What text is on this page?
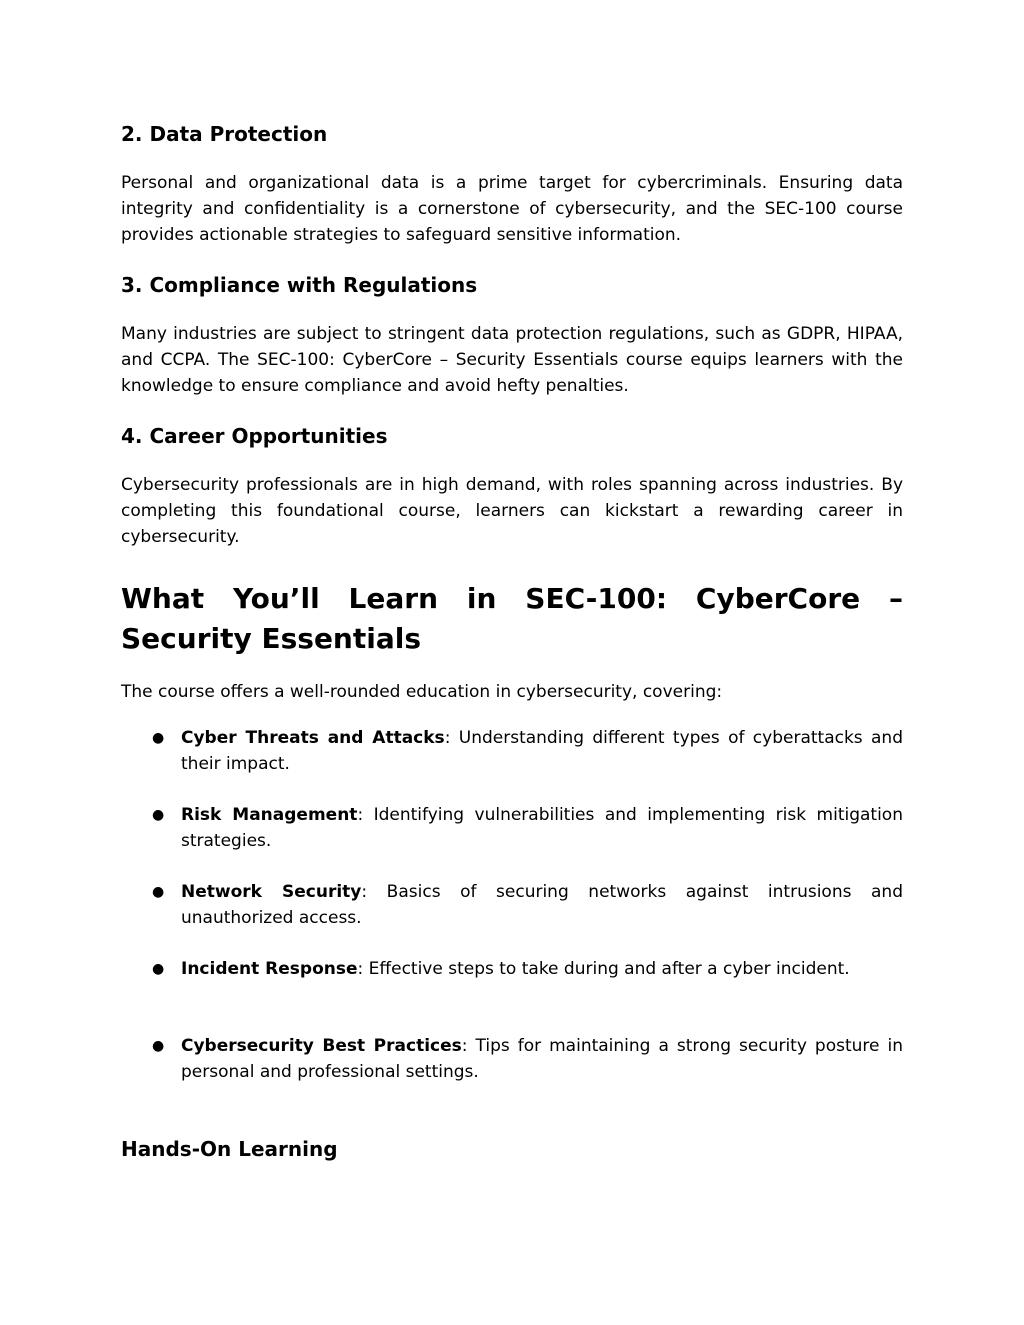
2. Data Protection

Personal and organizational data is a prime target for cybercriminals. Ensuring data integrity and confidentiality is a cornerstone of cybersecurity, and the SEC-100 course provides actionable strategies to safeguard sensitive information.

3. Compliance with Regulations

Many industries are subject to stringent data protection regulations, such as GDPR, HIPAA, and CCPA. The SEC-100: CyberCore – Security Essentials course equips learners with the knowledge to ensure compliance and avoid hefty penalties.

4. Career Opportunities

Cybersecurity professionals are in high demand, with roles spanning across industries. By completing this foundational course, learners can kickstart a rewarding career in cybersecurity.

What You’ll Learn in SEC-100: CyberCore – Security Essentials

The course offers a well-rounded education in cybersecurity, covering:

● Cyber Threats and Attacks: Understanding different types of cyberattacks and their impact.
● Risk Management: Identifying vulnerabilities and implementing risk mitigation strategies.
● Network Security: Basics of securing networks against intrusions and unauthorized access.
● Incident Response: Effective steps to take during and after a cyber incident.
● Cybersecurity Best Practices: Tips for maintaining a strong security posture in personal and professional settings.
Hands-On Learning
